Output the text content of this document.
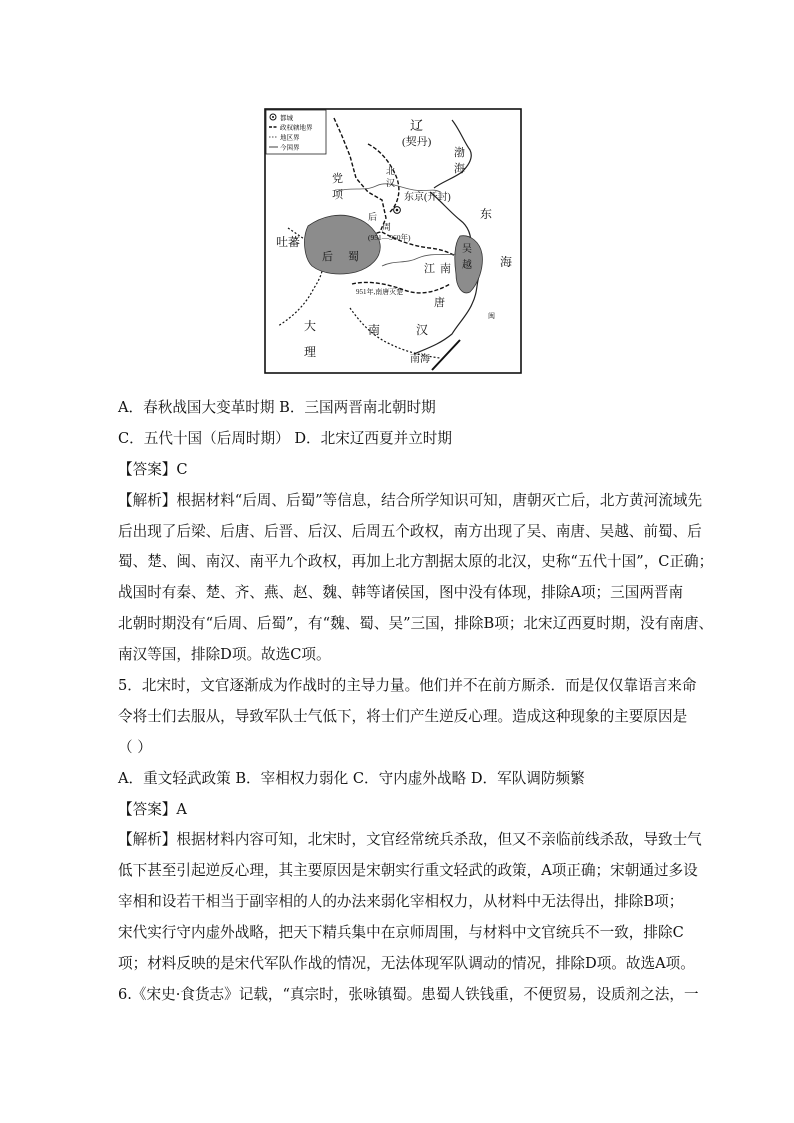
都城
政权辖地界
地区界
今国界
辽
(契丹)
渤
海
党
项
北
汉
东京(开封)
后
周
(951—960年)
东
海
吐蕃
后 蜀
江 南
唐
吴
越
951年,南唐灭楚
大
理
南	汉
南海
闽
A．春秋战国大变革时期 B．三国两晋南北朝时期
C．五代十国（后周时期） D．北宋辽西夏并立时期
【答案】C
【解析】根据材料“后周、后蜀”等信息，结合所学知识可知，唐朝灭亡后，北方黄河流域先
后出现了后梁、后唐、后晋、后汉、后周五个政权，南方出现了吴、南唐、吴越、前蜀、后
蜀、楚、闽、南汉、南平九个政权，再加上北方割据太原的北汉，史称“五代十国”，C正确；
战国时有秦、楚、齐、燕、赵、魏、韩等诸侯国，图中没有体现，排除A项；三国两晋南
北朝时期没有“后周、后蜀”，有“魏、蜀、吴”三国，排除B项；北宋辽西夏时期，没有南唐、
南汉等国，排除D项。故选C项。
5．北宋时，文官逐渐成为作战时的主导力量。他们并不在前方厮杀．而是仅仅靠语言来命
令将士们去服从，导致军队士气低下，将士们产生逆反心理。造成这种现象的主要原因是
（ ）
A．重文轻武政策 B．宰相权力弱化 C．守内虚外战略 D．军队调防频繁
【答案】A
【解析】根据材料内容可知，北宋时，文官经常统兵杀敌，但又不亲临前线杀敌，导致士气
低下甚至引起逆反心理，其主要原因是宋朝实行重文轻武的政策，A项正确；宋朝通过多设
宰相和设若干相当于副宰相的人的办法来弱化宰相权力，从材料中无法得出，排除B项；
宋代实行守内虚外战略，把天下精兵集中在京师周围，与材料中文官统兵不一致，排除C
项；材料反映的是宋代军队作战的情况，无法体现军队调动的情况，排除D项。故选A项。
6.《宋史·食货志》记载，“真宗时，张咏镇蜀。患蜀人铁钱重，不便贸易，设质剂之法，一
